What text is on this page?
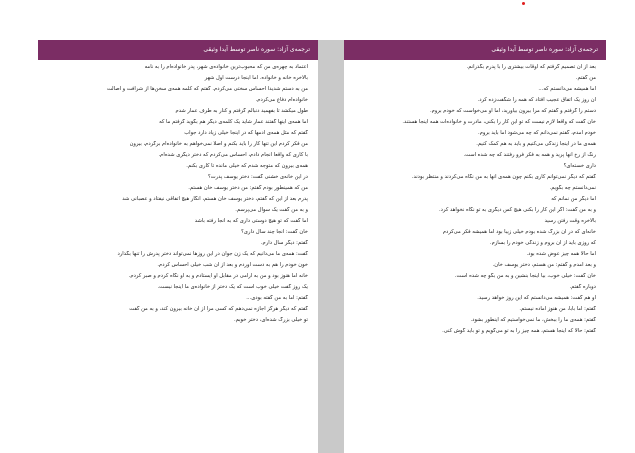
ترجمه‌ی آزاد: سوره ناصر توسط آیدا وثیقی
اعتماد به چهره‌ی من که محبوب‌ترین خانواده‌ی شهر، پدر خانواده‌ام را به نامه
بالاخره خانه و خانواده. اما اینجا درست اول شهر
من به دستم شدیدا احساس سختی می‌کردم. گفتم که کلمه همه‌ی سخن‌ها از شرافت و اصالت
خانواده‌ام دفاع می‌کردم.
طول میکشد تا بفهمید دنبالم گرفتم و کنار به طرف عمار شدم
اما همه‌ی اینها گفتند عمار شاید یک کلمه‌ی دیگر هم بگوید گرفتم ما که
گفتم که مثل همه‌ی آدمها که در اینجا خیلی زیاد دارد جواب
من فکر کردم این تنها کار را باید بکنم و اصلا نمی‌خواهم به خانواده‌ام برگردم، بیرون
با کاری که واقعا انجام دادم، احساس می‌کردم که دختر دیگری شده‌ام.
همه‌ی بیرون که متوجه شدم که خیلی مانده تا کاری بکنم.
در این خانه‌ی خشنی گفت: دختر یوسف پدرت؟
من که همینطور بودم گفتم: من دختر یوسف خان هستم.
پدرم بعد از این که گفتم، دختر یوسف خان هستم، انگار هیچ اتفاقی نیفتاد و عصبانی شد
و به من گفت یک سوال می‌پرسم.
اما گفت که تو هیچ دوستی داری که به آنجا رفته باشد
خان گفت: آنجا چند سال داری؟
گفتم: دیگر سال دارم.
گفت: همه‌ی ما می‌دانیم که یک زن جوان در این روزها نمی‌تواند دختر پدرش را تنها بگذارد
خون خودم را هم به دست آوردم و بعد از آن شب خیلی احساس کردم.
خانه اما هنوز بود و من به آرامی در مقابل او ایستادم و به او نگاه کردم و صبر کردم.
یک روز گفت خیلی خوب است که یک دختر از خانواده‌ی ما اینجا نیست.
گفتم: اما به من گفته بودی...
گفتم که دیگر هرگز اجازه نمی‌دهم که کسی مرا از آن خانه بیرون کند، و به من گفت
تو خیلی بزرگ شده‌ای، دختر خوبم.
ترجمه‌ی آزاد: سوره ناصر توسط آیدا وثیقی
بعد از آن تصمیم گرفتم که اوقات بیشتری را با پدرم بگذرانم.
من گفتم.
اما همیشه می‌دانستم که...
آن روز یک اتفاق عجیب افتاد که همه را شگفت‌زده کرد.
دستم را گرفتم و گفتم که مرا بیرون بیاورید، اما او می‌خواست که خودم بروم.
خان گفت که واقعا لازم نیست که تو این کار را بکنی، مادرت و خانواده‌ات همه اینجا هستند.
خودم آمدم، گفتم نمی‌دانم که چه می‌شود اما باید بروم.
همه‌ی ما در اینجا زندگی می‌کنیم و باید به هم کمک کنیم.
رنگ از رخ آنها پرید و همه به فکر فرو رفتند که چه شده است.
داری خسته‌ای؟
گفتم که دیگر نمی‌توانم کاری بکنم چون همه‌ی آنها به من نگاه می‌کردند و منتظر بودند.
نمی‌دانستم چه بگویم.
اما دیگر من نمانم که
و به من گفت: اگر این کار را بکنی هیچ کس دیگری به تو نگاه نخواهد کرد.
بالاخره وقت رفتن رسید
خانه‌ای که در آن بزرگ شده بودم خیلی زیبا بود اما همیشه فکر می‌کردم
که روزی باید از آن بروم و زندگی خودم را بسازم.
اما حالا همه چیز عوض شده بود.
و بعد آمدم و گفتم: من هستم، دختر یوسف خان.
خان گفت: خیلی خوب، بیا اینجا بنشین و به من بگو چه شده است.
دوباره گفتم.
او هم گفت: همیشه می‌دانستم که این روز خواهد رسید.
گفتم: اما بابا، من هنوز آماده نیستم.
گفتم: همه‌ی ما را ببخش، ما نمی‌خواستیم که اینطور بشود.
گفتم: حالا که اینجا هستم، همه چیز را به تو می‌گویم و تو باید گوش کنی.
